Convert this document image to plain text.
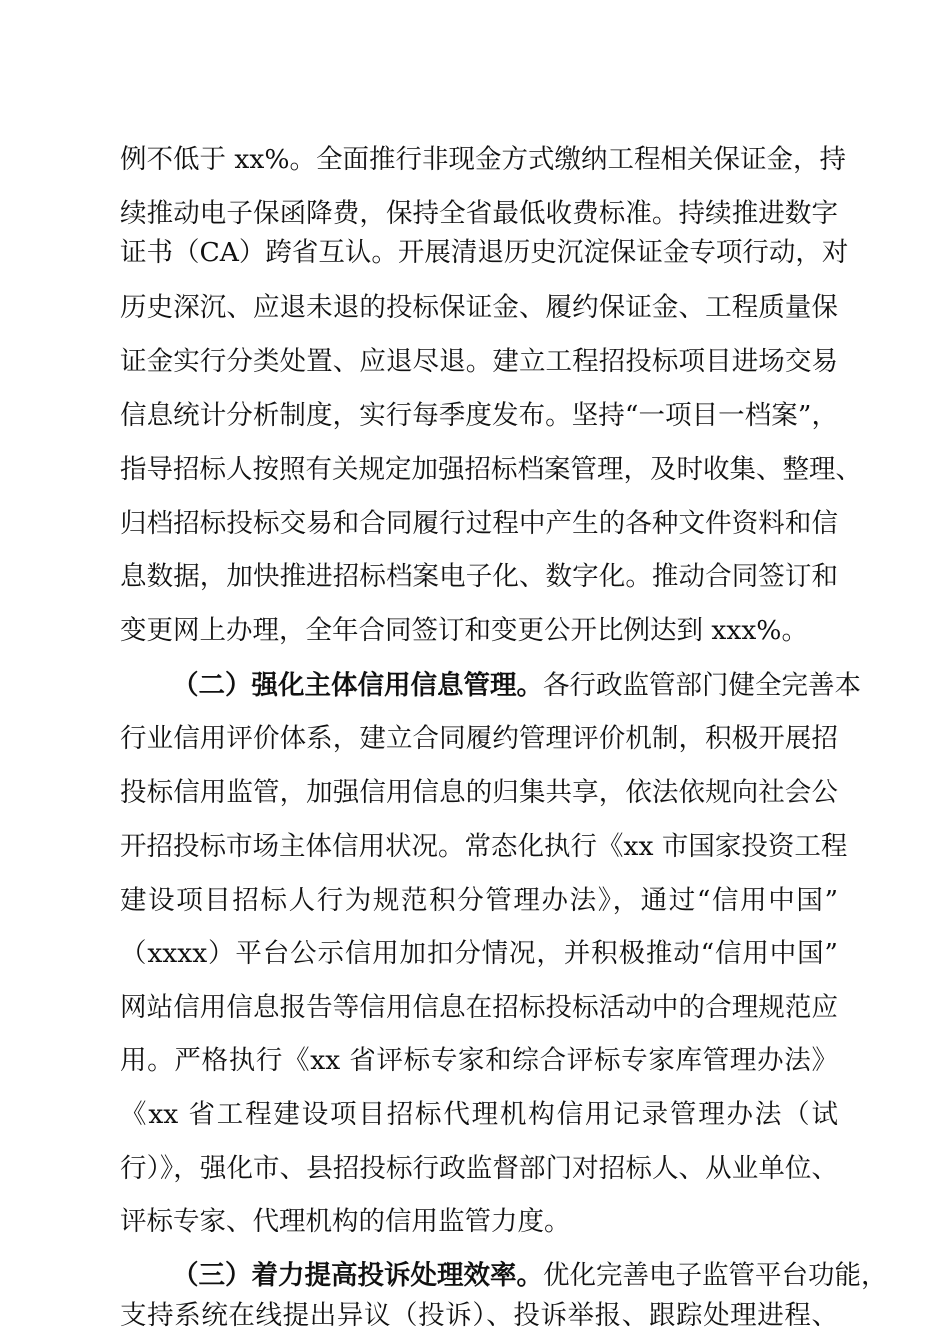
例不低于 xx%。全面推行非现金方式缴纳工程相关保证金，持
续推动电子保函降费，保持全省最低收费标准。持续推进数字
证书（CA）跨省互认。开展清退历史沉淀保证金专项行动，对
历史深沉、应退未退的投标保证金、履约保证金、工程质量保
证金实行分类处置、应退尽退。建立工程招投标项目进场交易
信息统计分析制度，实行每季度发布。坚持“一项目一档案”，
指导招标人按照有关规定加强招标档案管理，及时收集、整理、
归档招标投标交易和合同履行过程中产生的各种文件资料和信
息数据，加快推进招标档案电子化、数字化。推动合同签订和
变更网上办理，全年合同签订和变更公开比例达到 xxx%。
（二）强化主体信用信息管理。各行政监管部门健全完善本
行业信用评价体系，建立合同履约管理评价机制，积极开展招
投标信用监管，加强信用信息的归集共享，依法依规向社会公
开招投标市场主体信用状况。常态化执行《xx 市国家投资工程
建设项目招标人行为规范积分管理办法》，通过“信用中国”
（xxxx）平台公示信用加扣分情况，并积极推动“信用中国”
网站信用信息报告等信用信息在招标投标活动中的合理规范应
用。严格执行《xx 省评标专家和综合评标专家库管理办法》
《xx 省工程建设项目招标代理机构信用记录管理办法（试
行）》，强化市、县招投标行政监督部门对招标人、从业单位、
评标专家、代理机构的信用监管力度。
（三）着力提高投诉处理效率。优化完善电子监管平台功能，
支持系统在线提出异议（投诉）、投诉举报、跟踪处理进程、
